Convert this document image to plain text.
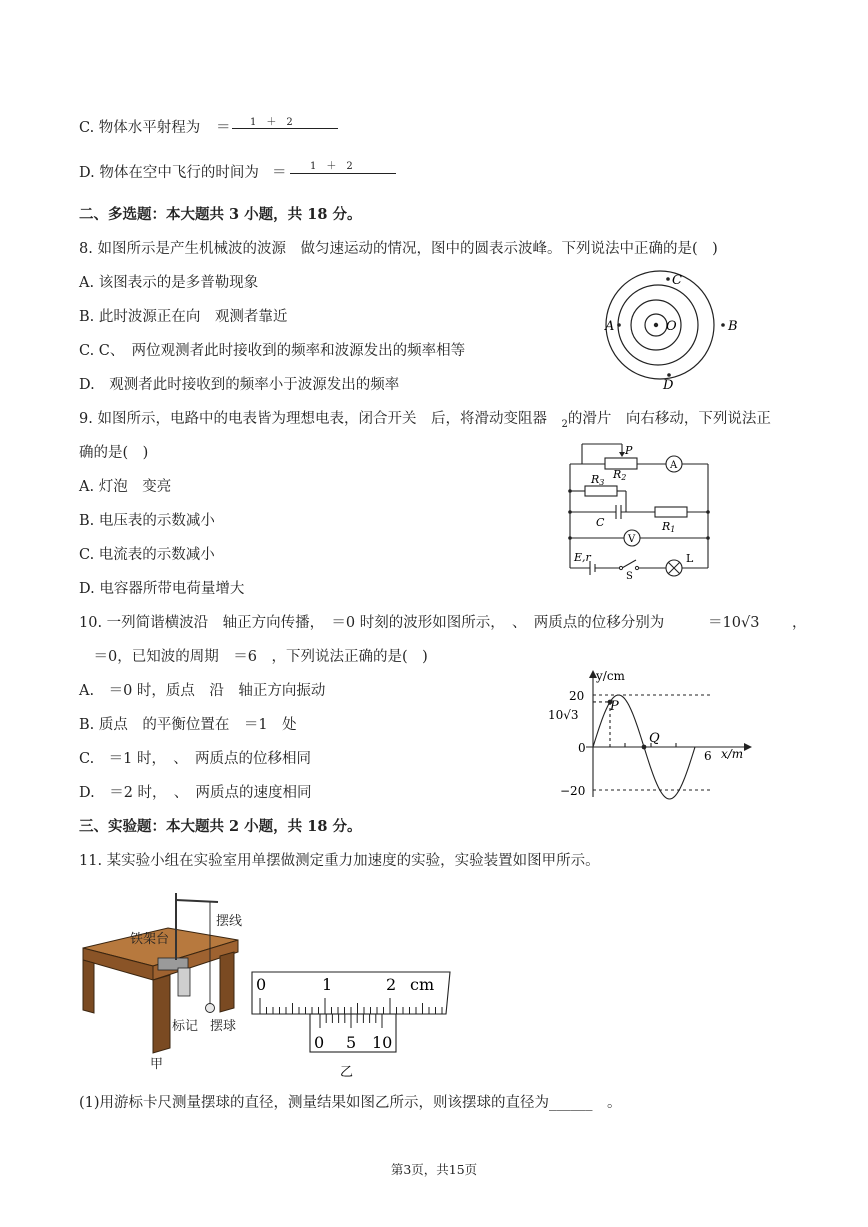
C. 物体水平射程为 ＝ 1　＋　2
D. 物体在空中飞行的时间为 ＝ 1　＋　2
二、多选题：本大题共 3 小题，共 18 分。
8. 如图所示是产生机械波的波源　做匀速运动的情况，图中的圆表示波峰。下列说法中正确的是(　)
A. 该图表示的是多普勒现象
B. 此时波源正在向　观测者靠近
C. C、　两位观测者此时接收到的频率和波源发出的频率相等
D.　观测者此时接收到的频率小于波源发出的频率
O
A	B
C
D
9. 如图所示，电路中的电表皆为理想电表，闭合开关　后，将滑动变阻器　$_2$的滑片　向右移动，下列说法正
确的是(　)
A. 灯泡　变亮
B. 电压表的示数减小
C. 电流表的示数减小
D. 电容器所带电荷量增大
P
R2
A
R3
C	R1
V
E,r
S
L
10. 一列简谐横波沿　轴正方向传播，　＝0 时刻的波形如图所示，　、　两质点的位移分别为	＝10√3 ，
　＝0，已知波的周期　＝6　，下列说法正确的是(　)
A.　＝0 时，质点　沿　轴正方向振动
B. 质点　的平衡位置在　＝1　处
C.　＝1 时，　、　两质点的位移相同
D.　＝2 时，　、　两质点的速度相同
y/cm
x/m
20
10√3
0
−20
6
P
Q
三、实验题：本大题共 2 小题，共 18 分。
11. 某实验小组在实验室用单摆做测定重力加速度的实验，实验装置如图甲所示。
铁架台
摆线
标记 摆球
甲
0	1	2 cm
0 5 10
乙
(1)用游标卡尺测量摆球的直径，测量结果如图乙所示，则该摆球的直径为______　。
第3页，共15页
